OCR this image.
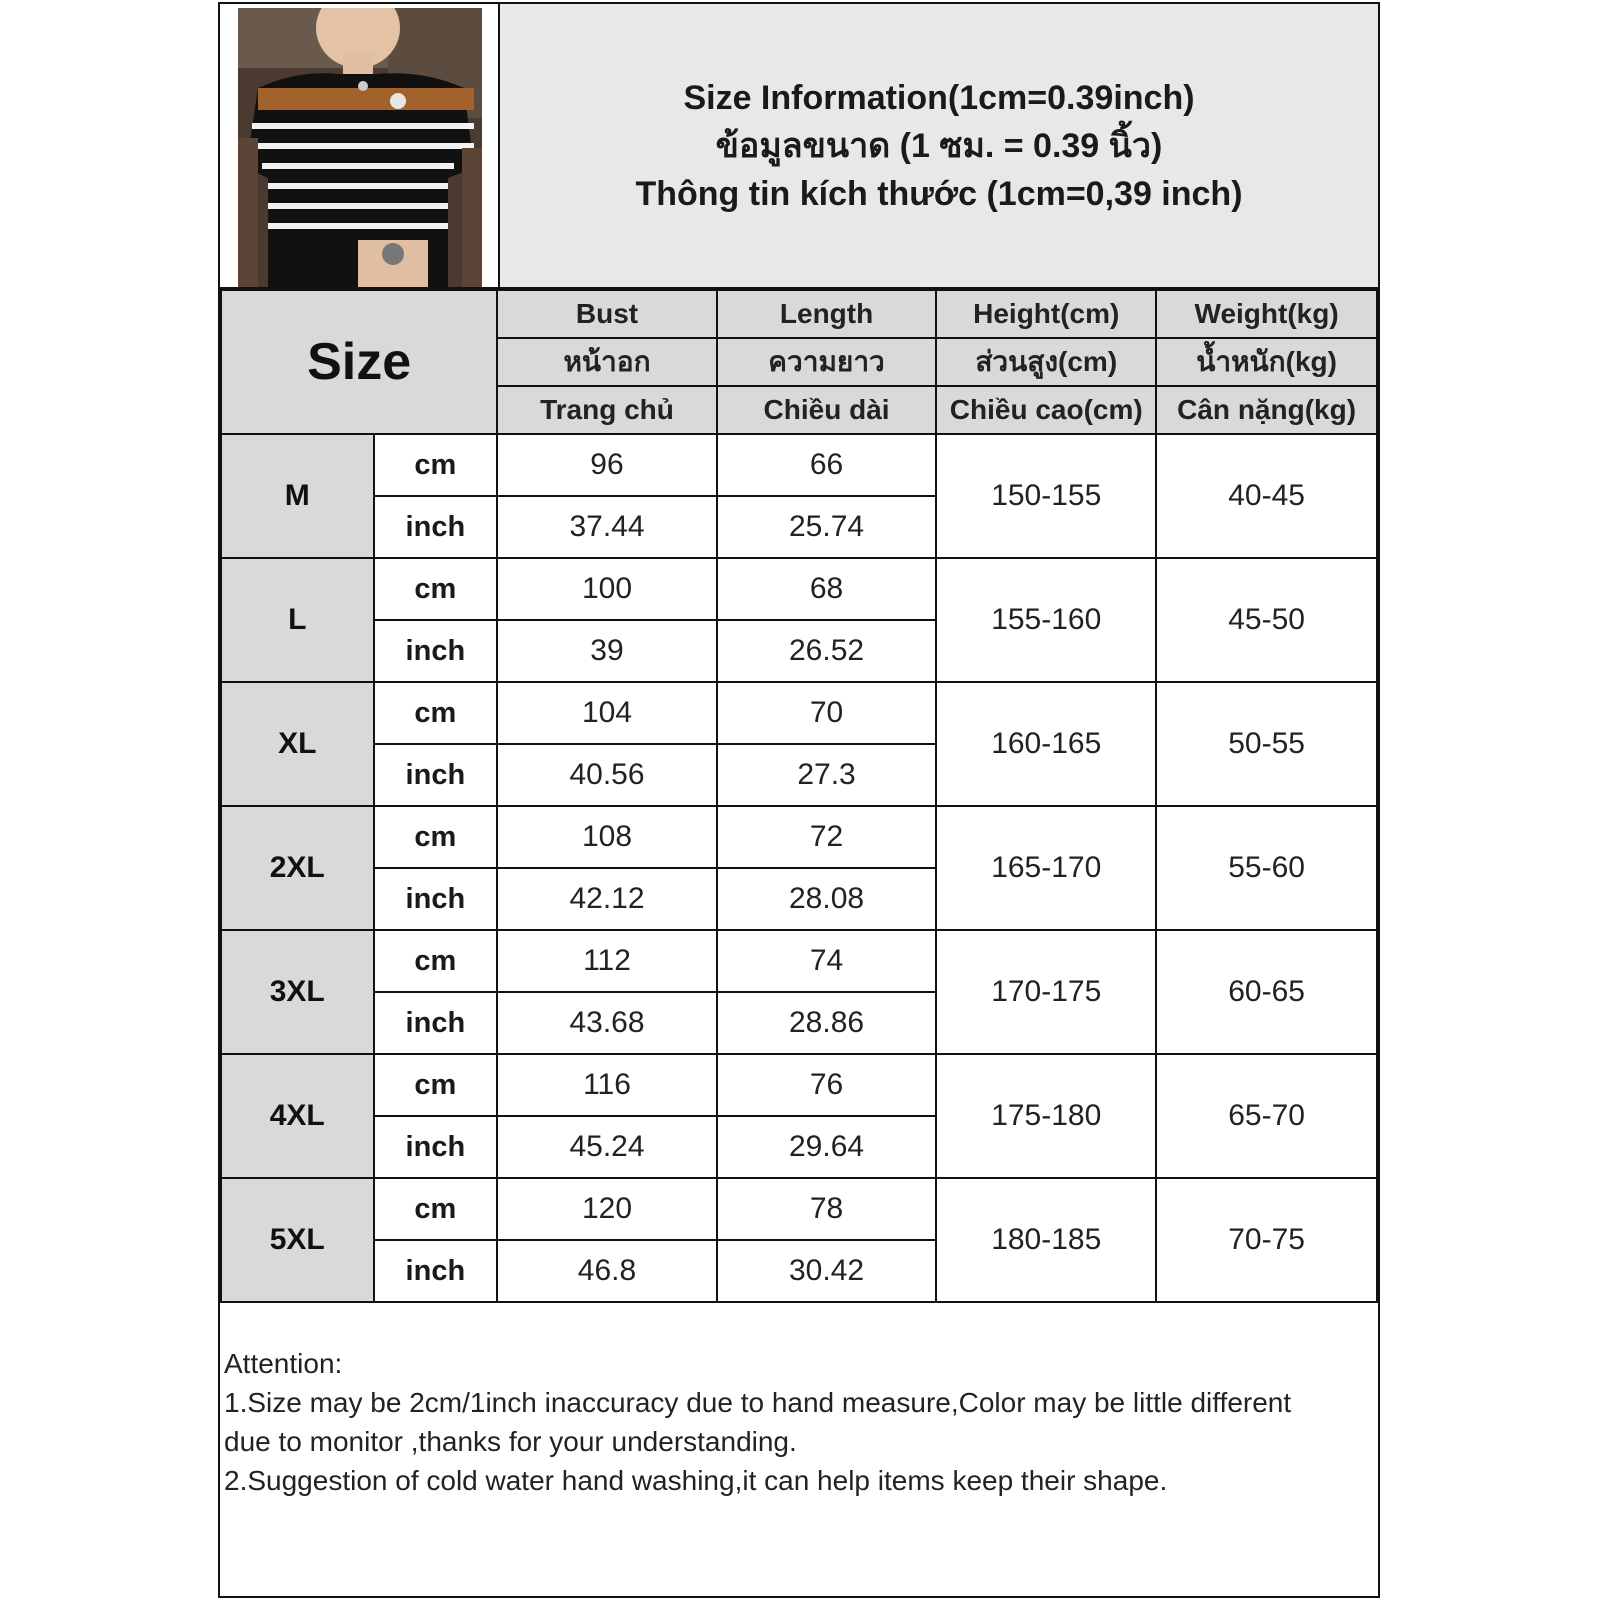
Size Information(1cm=0.39inch)
ข้อมูลขนาด (1 ซม. = 0.39 นิ้ว)
Thông tin kích thước (1cm=0,39 inch)
Size		Bust	Length	Height(cm)	Weight(kg)
		หน้าอก	ความยาว	ส่วนสูง(cm)	น้ำหนัก(kg)
		Trang chủ	Chiều dài	Chiều cao(cm)	Cân nặng(kg)
M	cm	96	66	150-155	40-45
	inch	37.44	25.74		
L	cm	100	68	155-160	45-50
	inch	39	26.52		
XL	cm	104	70	160-165	50-55
	inch	40.56	27.3		
2XL	cm	108	72	165-170	55-60
	inch	42.12	28.08		
3XL	cm	112	74	170-175	60-65
	inch	43.68	28.86		
4XL	cm	116	76	175-180	65-70
	inch	45.24	29.64		
5XL	cm	120	78	180-185	70-75
	inch	46.8	30.42		

Attention:

1.Size may be 2cm/1inch inaccuracy due to hand measure,Color may be little different

due to monitor ,thanks for your understanding.

2.Suggestion of cold water hand washing,it can help items keep their shape.
